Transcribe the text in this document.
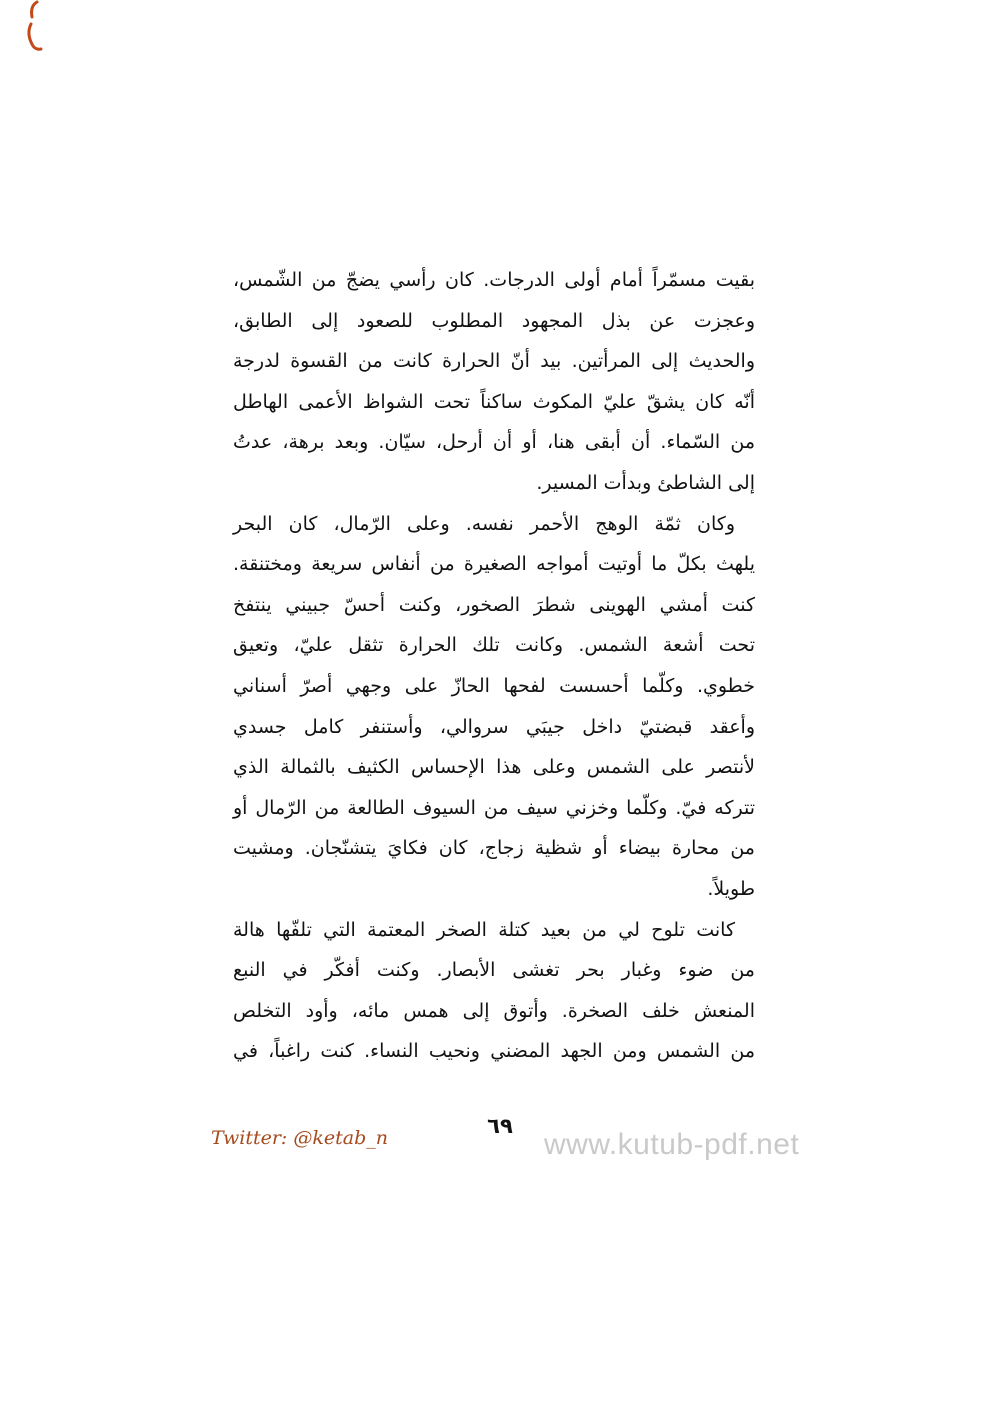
بقيت مسمّراً أمام أولى الدرجات. كان رأسي يضجّ من الشّمس،
وعجزت عن بذل المجهود المطلوب للصعود إلى الطابق،
والحديث إلى المرأتين. بيد أنّ الحرارة كانت من القسوة لدرجة
أنّه كان يشقّ عليّ المكوث ساكناً تحت الشواظ الأعمى الهاطل
من السّماء. أن أبقى هنا، أو أن أرحل، سيّان. وبعد برهة، عدتُ
إلى الشاطئ وبدأت المسير.
وكان ثمّة الوهج الأحمر نفسه. وعلى الرّمال، كان البحر
يلهث بكلّ ما أوتيت أمواجه الصغيرة من أنفاس سريعة ومختنقة.
كنت أمشي الهوينى شطرَ الصخور، وكنت أحسّ جبيني ينتفخ
تحت أشعة الشمس. وكانت تلك الحرارة تثقل عليّ، وتعيق
خطوي. وكلّما أحسست لفحها الحازّ على وجهي أصرّ أسناني
وأعقد قبضتيّ داخل جيبَي سروالي، وأستنفر كامل جسدي
لأنتصر على الشمس وعلى هذا الإحساس الكثيف بالثمالة الذي
تتركه فيّ. وكلّما وخزني سيف من السيوف الطالعة من الرّمال أو
من محارة بيضاء أو شظية زجاج، كان فكايَ يتشنّجان. ومشيت
طويلاً.
كانت تلوح لي من بعيد كتلة الصخر المعتمة التي تلفّها هالة
من ضوء وغبار بحر تغشى الأبصار. وكنت أفكّر في النبع
المنعش خلف الصخرة. وأتوق إلى همس مائه، وأود التخلص
من الشمس ومن الجهد المضني ونحيب النساء. كنت راغباً، في
Twitter: @ketab_n	٦٩
www.kutub-pdf.net
